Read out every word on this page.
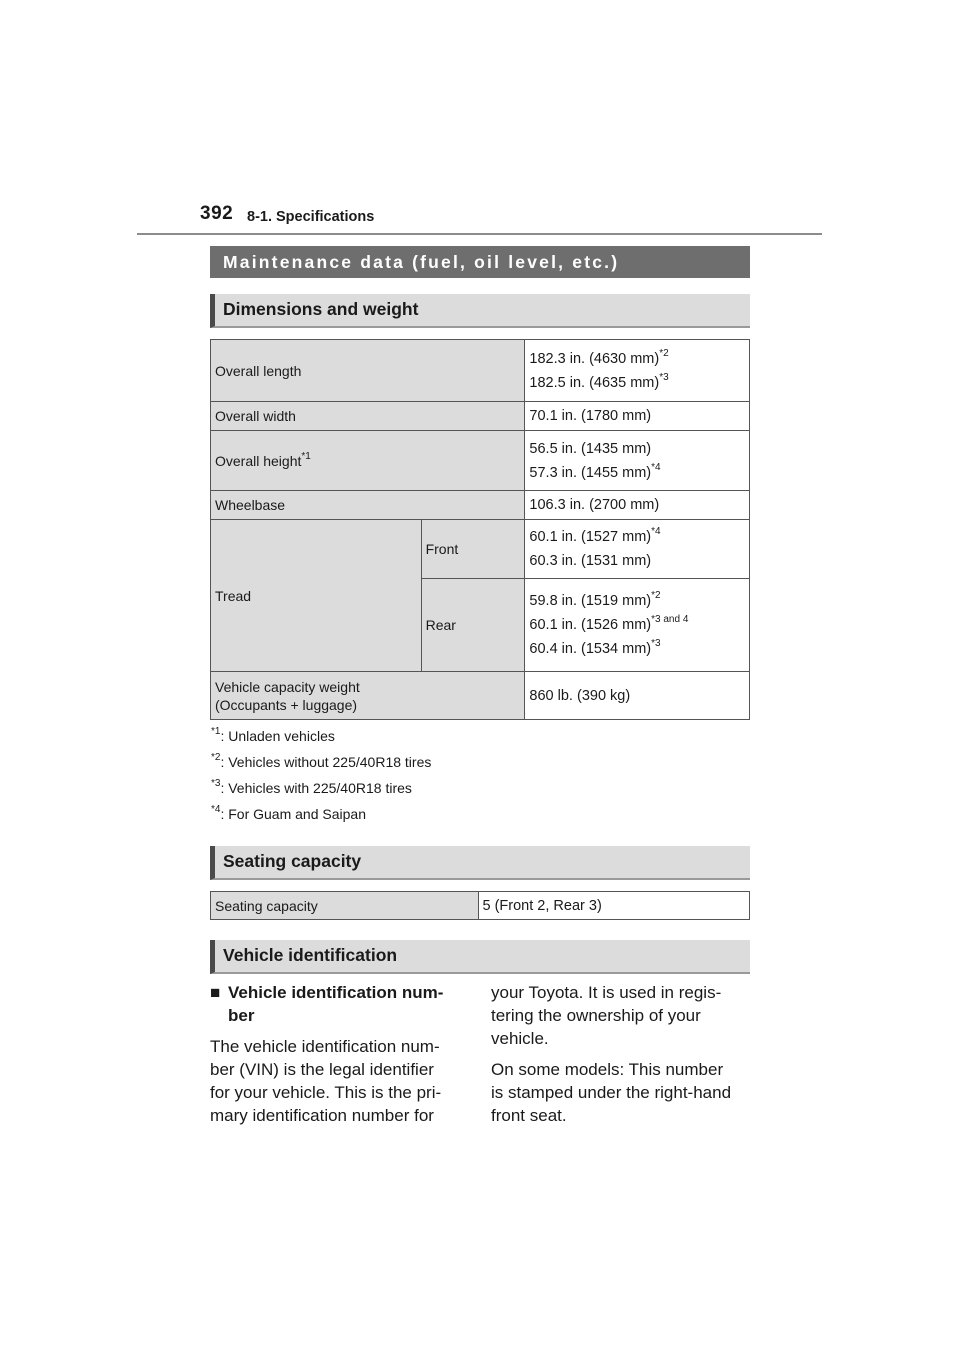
392 8-1. Specifications
Maintenance data (fuel, oil level, etc.)
Dimensions and weight
Overall length		182.3 in. (4630 mm)$^{*2}$
182.5 in. (4635 mm)$^{*3}$

Overall width		70.1 in. (1780 mm)
Overall height$^{*1}$		56.5 in. (1435 mm)
57.3 in. (1455 mm)$^{*4}$

Wheelbase		106.3 in. (2700 mm)
Tread	Front	60.1 in. (1527 mm)$^{*4}$
60.3 in. (1531 mm)

	Rear	59.8 in. (1519 mm)$^{*2}$
60.1 in. (1526 mm)$^{*3 and 4}$
60.4 in. (1534 mm)$^{*3}$

Vehicle capacity weight
(Occupants + luggage)		860 lb. (390 kg)
$^{*1}$: Unladen vehicles
$^{*2}$: Vehicles without 225/40R18 tires
$^{*3}$: Vehicles with 225/40R18 tires
$^{*4}$: For Guam and Saipan
Seating capacity
Seating capacity	5 (Front 2, Rear 3)
Vehicle identification
■ Vehicle identification num-
ber

The vehicle identification num-
ber (VIN) is the legal identifier
for your vehicle. This is the pri-
mary identification number for

your Toyota. It is used in regis-
tering the ownership of your
vehicle.

On some models: This number
is stamped under the right-hand
front seat.
